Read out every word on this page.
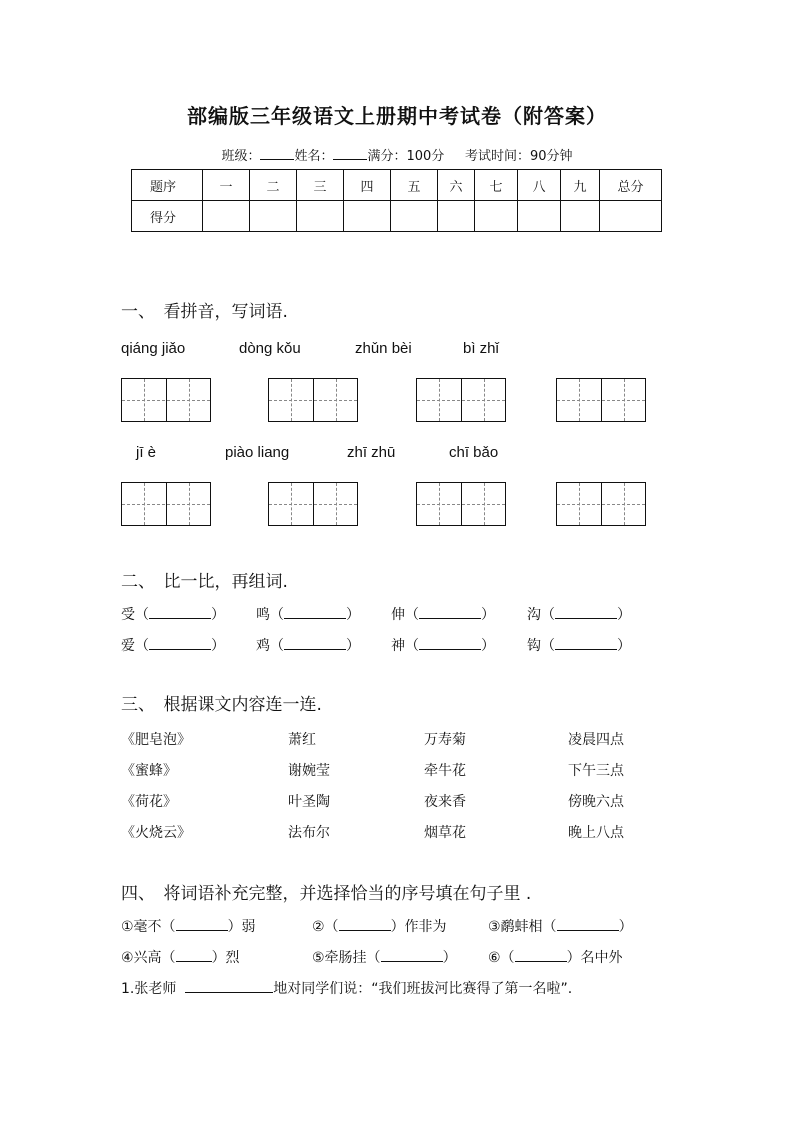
部编版三年级语文上册期中考试卷（附答案）
班级：	姓名：	满分：100分 考试时间：90分钟
题序	一	二	三	四	五	六	七	八	九	总分
得分										
一、　看拼音，写词语.
qiáng jiǎo	dòng kǒu	zhǔn bèi	bì zhǐ
jī è	piào liang	zhī zhū	chī bǎo
二、　比一比，再组词.
受（	） 鸣（	） 伸（	） 沟（	）
爱（	） 鸡（	） 神（	） 钩（	）
三、　根据课文内容连一连.
《肥皂泡》	萧红	万寿菊	凌晨四点
《蜜蜂》	谢婉莹	牵牛花	下午三点
《荷花》	叶圣陶	夜来香	傍晚六点
《火烧云》	法布尔	烟草花	晚上八点
四、　将词语补充完整，并选择恰当的序号填在句子里 .
①毫不（	）弱	②（	）作非为	③鹬蚌相（	）
④兴高（	）烈	⑤牵肠挂（	） ⑥（	）名中外
1.张老师	地对同学们说：“我们班拔河比赛得了第一名啦”.
